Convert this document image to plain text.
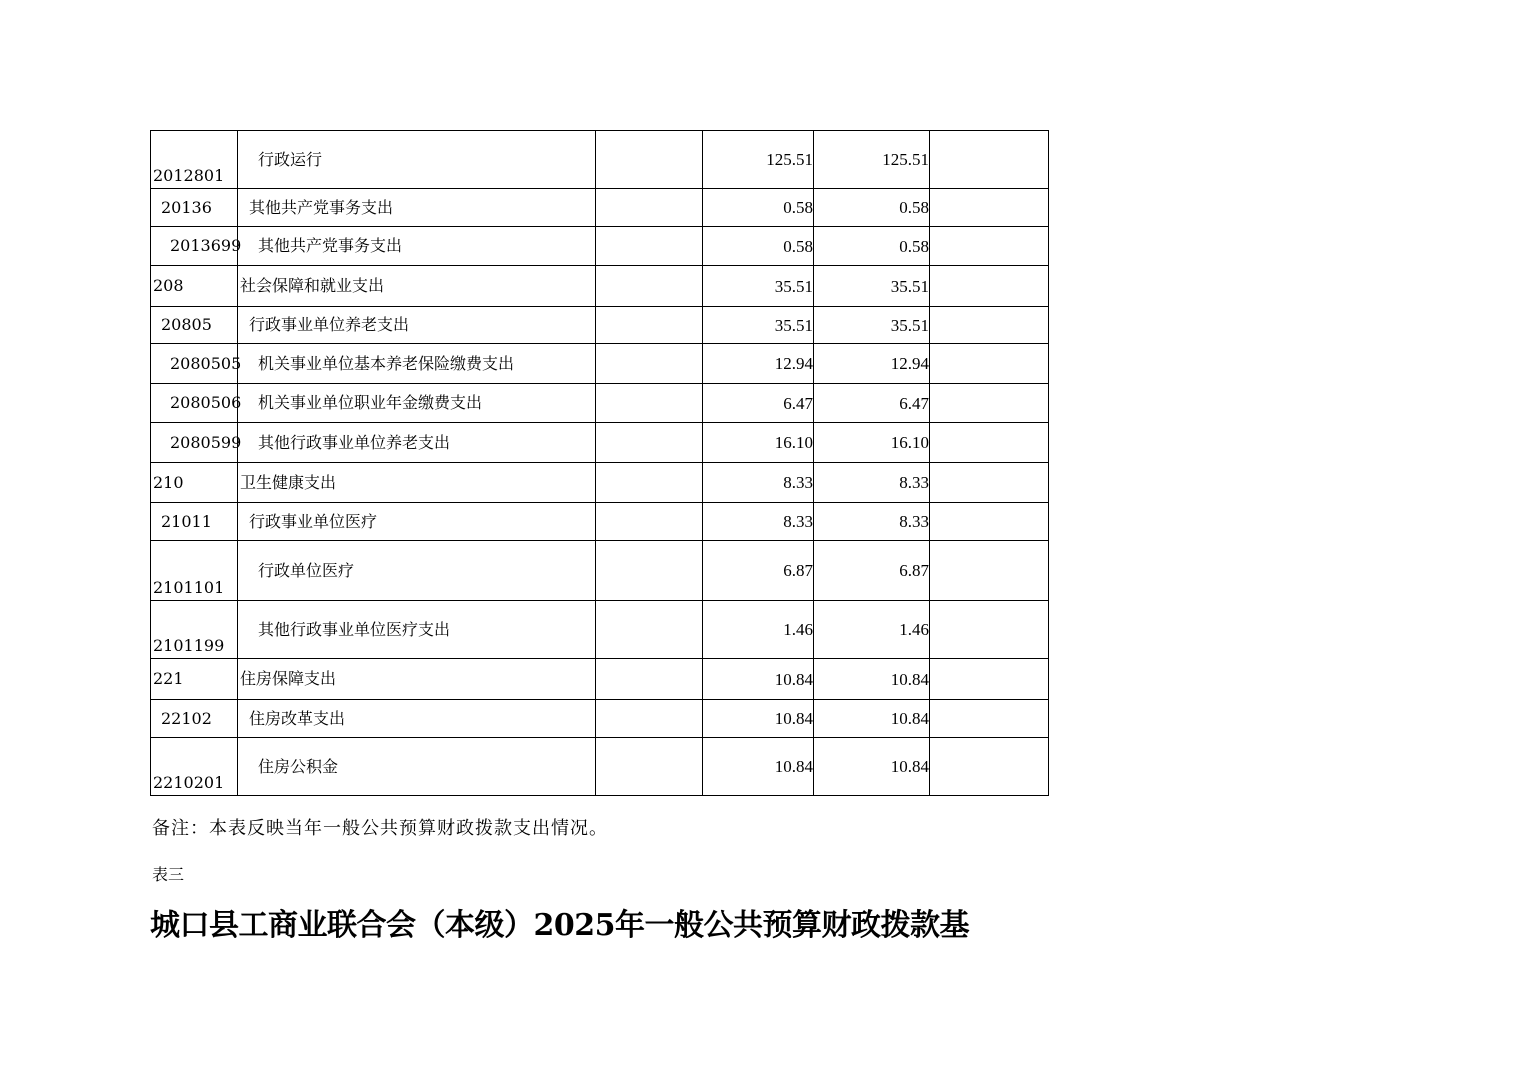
2012801	行政运行		125.51	125.51	

20136	其他共产党事务支出		0.58	0.58	

2013699	其他共产党事务支出		0.58	0.58	

208	社会保障和就业支出		35.51	35.51	

20805	行政事业单位养老支出		35.51	35.51	

2080505	机关事业单位基本养老保险缴费支出		12.94	12.94	

2080506	机关事业单位职业年金缴费支出		6.47	6.47	

2080599	其他行政事业单位养老支出		16.10	16.10	

210	卫生健康支出		8.33	8.33	

21011	行政事业单位医疗		8.33	8.33	

2101101	行政单位医疗		6.87	6.87	

2101199	其他行政事业单位医疗支出		1.46	1.46	

221	住房保障支出		10.84	10.84	

22102	住房改革支出		10.84	10.84	

2210201	住房公积金		10.84	10.84	
备注：本表反映当年一般公共预算财政拨款支出情况。
表三
城口县工商业联合会（本级）2025年一般公共预算财政拨款基
